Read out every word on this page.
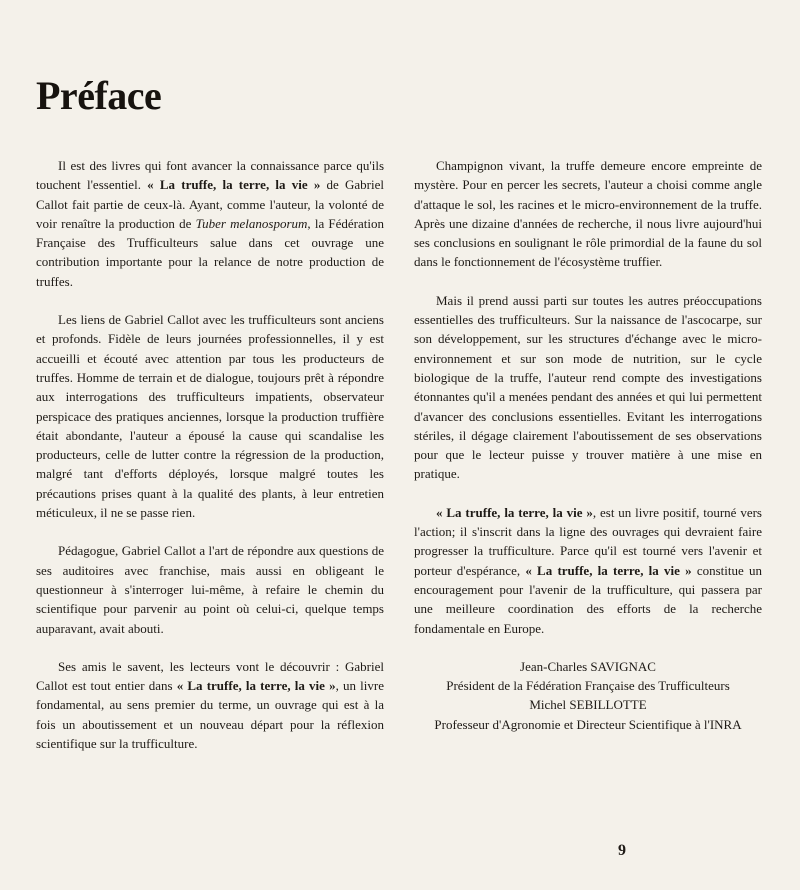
Préface

Il est des livres qui font avancer la connaissance parce qu'ils touchent l'essentiel. « La truffe, la terre, la vie » de Gabriel Callot fait partie de ceux-là. Ayant, comme l'auteur, la volonté de voir renaître la production de Tuber melanosporum, la Fédération Française des Trufficulteurs salue dans cet ouvrage une contribution importante pour la relance de notre production de truffes.

Les liens de Gabriel Callot avec les trufficulteurs sont anciens et profonds. Fidèle de leurs journées professionnelles, il y est accueilli et écouté avec attention par tous les producteurs de truffes. Homme de terrain et de dialogue, toujours prêt à répondre aux interrogations des trufficulteurs impatients, observateur perspicace des pratiques anciennes, lorsque la production truffière était abondante, l'auteur a épousé la cause qui scandalise les producteurs, celle de lutter contre la régression de la production, malgré tant d'efforts déployés, lorsque malgré toutes les précautions prises quant à la qualité des plants, à leur entretien méticuleux, il ne se passe rien.

Pédagogue, Gabriel Callot a l'art de répondre aux questions de ses auditoires avec franchise, mais aussi en obligeant le questionneur à s'interroger lui-même, à refaire le chemin du scientifique pour parvenir au point où celui-ci, quelque temps auparavant, avait abouti.

Ses amis le savent, les lecteurs vont le découvrir : Gabriel Callot est tout entier dans « La truffe, la terre, la vie », un livre fondamental, au sens premier du terme, un ouvrage qui est à la fois un aboutissement et un nouveau départ pour la réflexion scientifique sur la trufficulture.

Champignon vivant, la truffe demeure encore empreinte de mystère. Pour en percer les secrets, l'auteur a choisi comme angle d'attaque le sol, les racines et le micro-environnement de la truffe. Après une dizaine d'années de recherche, il nous livre aujourd'hui ses conclusions en soulignant le rôle primordial de la faune du sol dans le fonctionnement de l'écosystème truffier.

Mais il prend aussi parti sur toutes les autres préoccupations essentielles des trufficulteurs. Sur la naissance de l'ascocarpe, sur son développement, sur les structures d'échange avec le micro-environnement et sur son mode de nutrition, sur le cycle biologique de la truffe, l'auteur rend compte des investigations étonnantes qu'il a menées pendant des années et qui lui permettent d'avancer des conclusions essentielles. Evitant les interrogations stériles, il dégage clairement l'aboutissement de ses observations pour que le lecteur puisse y trouver matière à une mise en pratique.

« La truffe, la terre, la vie », est un livre positif, tourné vers l'action; il s'inscrit dans la ligne des ouvrages qui devraient faire progresser la trufficulture. Parce qu'il est tourné vers l'avenir et porteur d'espérance, « La truffe, la terre, la vie » constitue un encouragement pour l'avenir de la trufficulture, qui passera par une meilleure coordination des efforts de la recherche fondamentale en Europe.

Jean-Charles SAVIGNAC

Président de la Fédération Française des Trufficulteurs

Michel SEBILLOTTE

Professeur d'Agronomie et Directeur Scientifique à l'INRA

9
